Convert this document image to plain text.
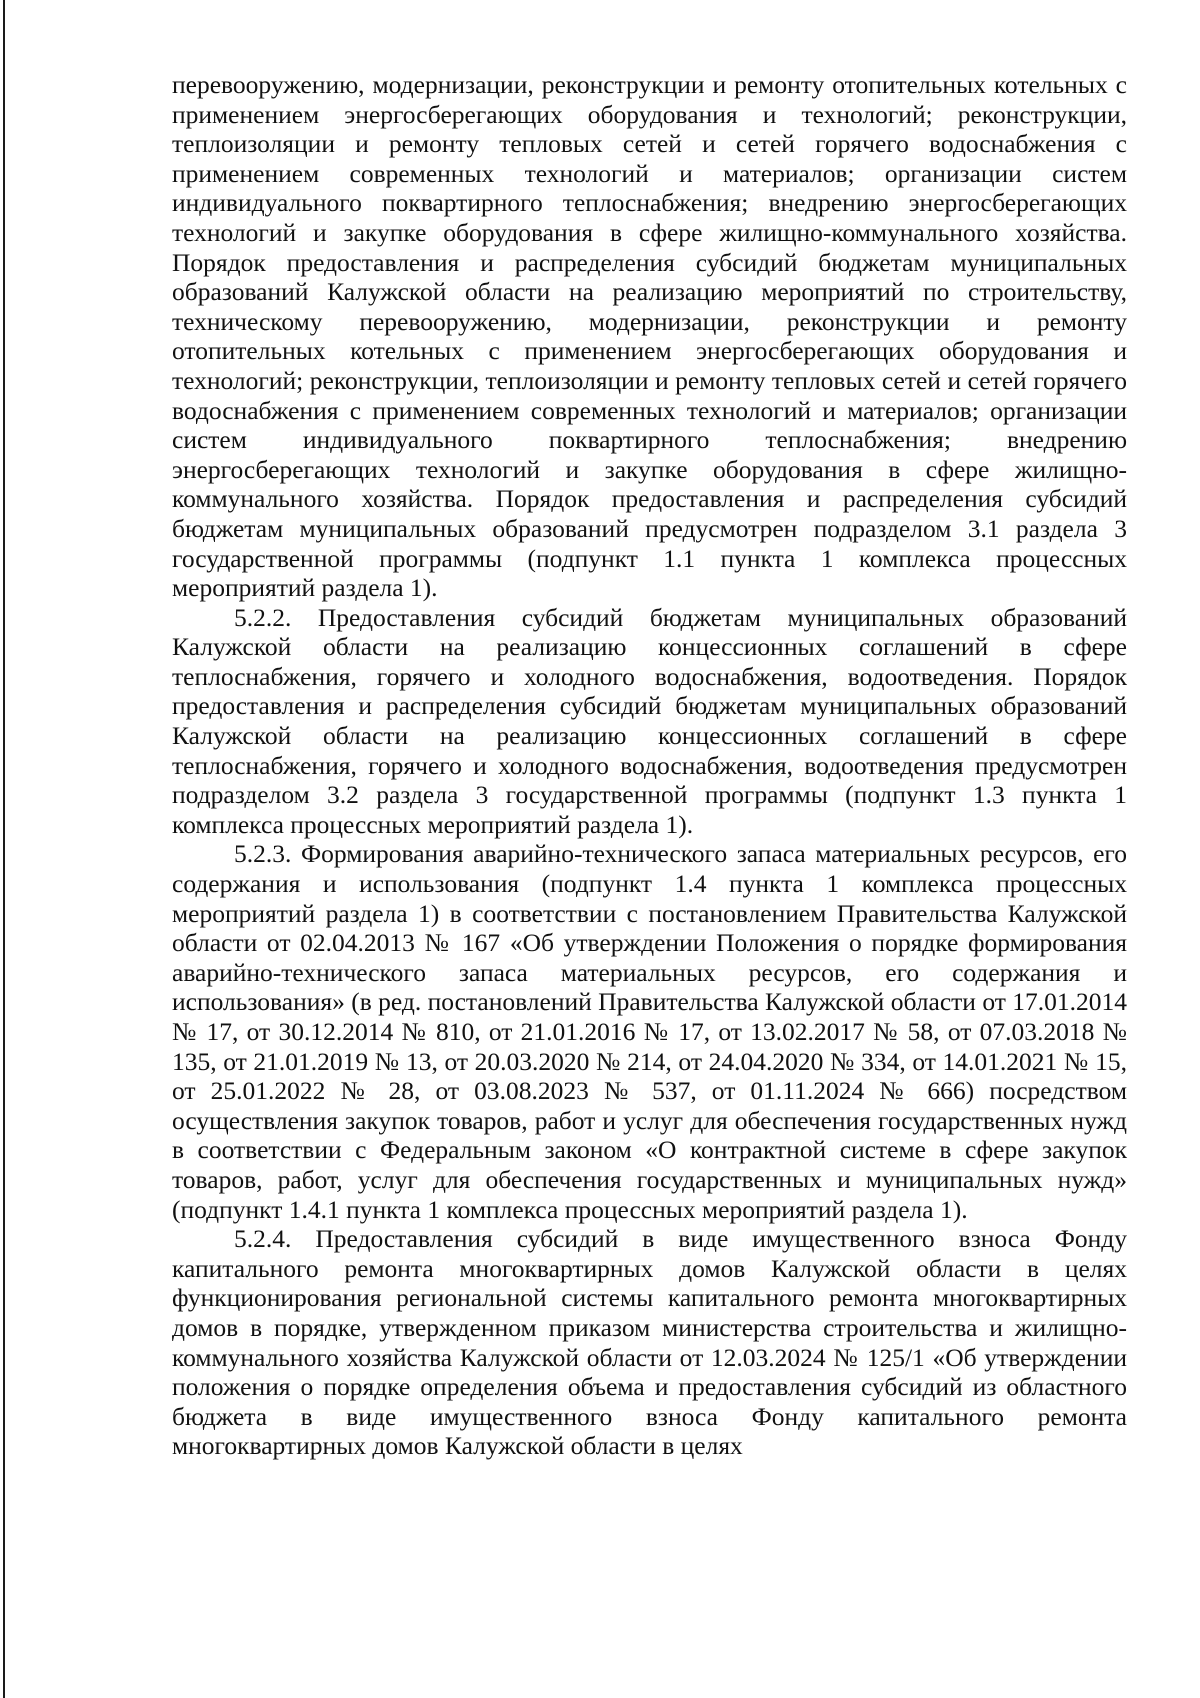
перевооружению, модернизации, реконструкции и ремонту отопительных котельных с применением энергосберегающих оборудования и технологий; реконструкции, теплоизоляции и ремонту тепловых сетей и сетей горячего водоснабжения с применением современных технологий и материалов; организации систем индивидуального поквартирного теплоснабжения; внедрению энергосберегающих технологий и закупке оборудования в сфере жилищно-коммунального хозяйства. Порядок предоставления и распределения субсидий бюджетам муниципальных образований Калужской области на реализацию мероприятий по строительству, техническому перевооружению, модернизации, реконструкции и ремонту отопительных котельных с применением энергосберегающих оборудования и технологий; реконструкции, теплоизоляции и ремонту тепловых сетей и сетей горячего водоснабжения с применением современных технологий и материалов; организации систем индивидуального поквартирного теплоснабжения; внедрению энергосберегающих технологий и закупке оборудования в сфере жилищно-коммунального хозяйства. Порядок предоставления и распределения субсидий бюджетам муниципальных образований предусмотрен подразделом 3.1 раздела 3 государственной программы (подпункт 1.1 пункта 1 комплекса процессных мероприятий раздела 1).

5.2.2. Предоставления субсидий бюджетам муниципальных образований Калужской области на реализацию концессионных соглашений в сфере теплоснабжения, горячего и холодного водоснабжения, водоотведения. Порядок предоставления и распределения субсидий бюджетам муниципальных образований Калужской области на реализацию концессионных соглашений в сфере теплоснабжения, горячего и холодного водоснабжения, водоотведения предусмотрен подразделом 3.2 раздела 3 государственной программы (подпункт 1.3 пункта 1 комплекса процессных мероприятий раздела 1).

5.2.3. Формирования аварийно-технического запаса материальных ресурсов, его содержания и использования (подпункт 1.4 пункта 1 комплекса процессных мероприятий раздела 1) в соответствии с постановлением Правительства Калужской области от 02.04.2013 № 167 «Об утверждении Положения о порядке формирования аварийно-технического запаса материальных ресурсов, его содержания и использования» (в ред. постановлений Правительства Калужской области от 17.01.2014 № 17, от 30.12.2014 № 810, от 21.01.2016 № 17, от 13.02.2017 № 58, от 07.03.2018 № 135, от 21.01.2019 № 13, от 20.03.2020 № 214, от 24.04.2020 № 334, от 14.01.2021 № 15, от 25.01.2022 № 28, от 03.08.2023 № 537, от 01.11.2024 № 666) посредством осуществления закупок товаров, работ и услуг для обеспечения государственных нужд в соответствии с Федеральным законом «О контрактной системе в сфере закупок товаров, работ, услуг для обеспечения государственных и муниципальных нужд» (подпункт 1.4.1 пункта 1 комплекса процессных мероприятий раздела 1).

5.2.4. Предоставления субсидий в виде имущественного взноса Фонду капитального ремонта многоквартирных домов Калужской области в целях функционирования региональной системы капитального ремонта многоквартирных домов в порядке, утвержденном приказом министерства строительства и жилищно-коммунального хозяйства Калужской области от 12.03.2024 № 125/1 «Об утверждении положения о порядке определения объема и предоставления субсидий из областного бюджета в виде имущественного взноса Фонду капитального ремонта многоквартирных домов Калужской области в целях
